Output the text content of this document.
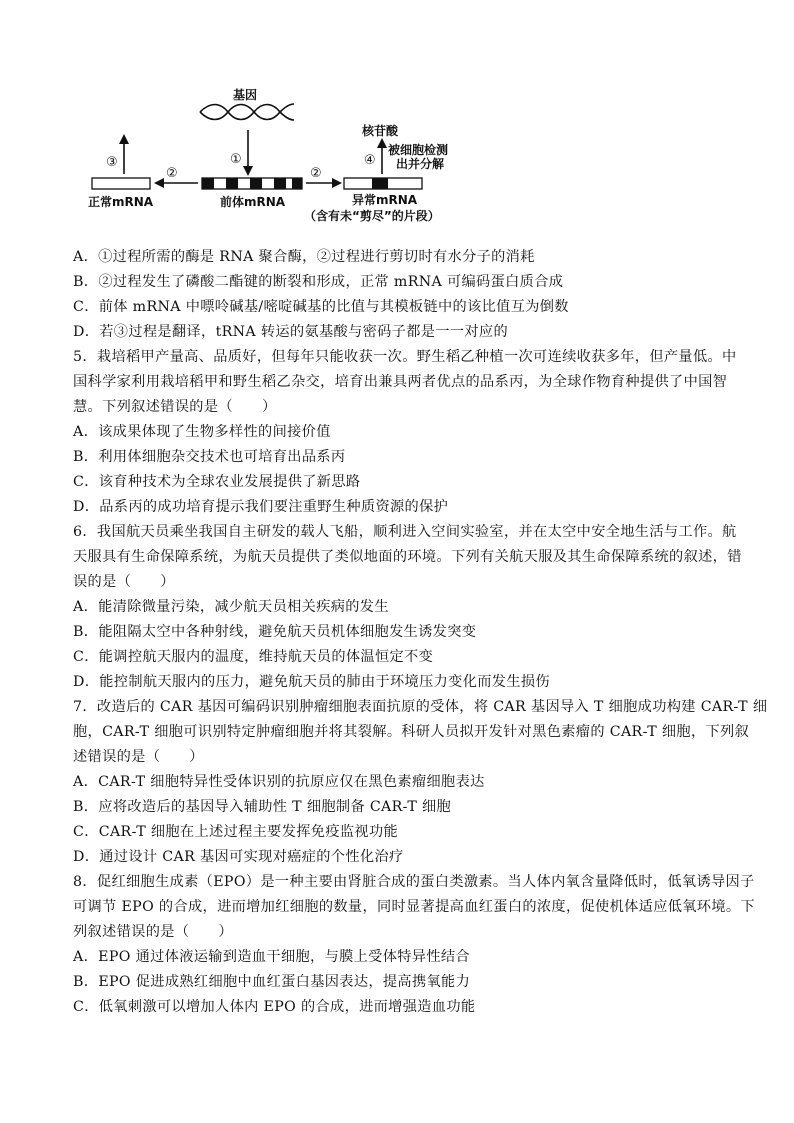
基因
①
前体mRNA
②
正常mRNA
③
②
异常mRNA
（含有未“剪尽”的片段）
④
核苷酸
被细胞检测
出并分解
A．①过程所需的酶是 RNA 聚合酶，②过程进行剪切时有水分子的消耗
B．②过程发生了磷酸二酯键的断裂和形成，正常 mRNA 可编码蛋白质合成
C．前体 mRNA 中嘌呤碱基/嘧啶碱基的比值与其模板链中的该比值互为倒数
D．若③过程是翻译，tRNA 转运的氨基酸与密码子都是一一对应的
5．栽培稻甲产量高、品质好，但每年只能收获一次。野生稻乙种植一次可连续收获多年，但产量低。中
国科学家利用栽培稻甲和野生稻乙杂交，培育出兼具两者优点的品系丙，为全球作物育种提供了中国智
慧。下列叙述错误的是（　　）
A．该成果体现了生物多样性的间接价值
B．利用体细胞杂交技术也可培育出品系丙
C．该育种技术为全球农业发展提供了新思路
D．品系丙的成功培育提示我们要注重野生种质资源的保护
6．我国航天员乘坐我国自主研发的载人飞船，顺利进入空间实验室，并在太空中安全地生活与工作。航
天服具有生命保障系统，为航天员提供了类似地面的环境。下列有关航天服及其生命保障系统的叙述，错
误的是（　　）
A．能清除微量污染，减少航天员相关疾病的发生
B．能阻隔太空中各种射线，避免航天员机体细胞发生诱发突变
C．能调控航天服内的温度，维持航天员的体温恒定不变
D．能控制航天服内的压力，避免航天员的肺由于环境压力变化而发生损伤
7．改造后的 CAR 基因可编码识别肿瘤细胞表面抗原的受体，将 CAR 基因导入 T 细胞成功构建 CAR-T 细
胞，CAR-T 细胞可识别特定肿瘤细胞并将其裂解。科研人员拟开发针对黑色素瘤的 CAR-T 细胞，下列叙
述错误的是（　　）
A．CAR-T 细胞特异性受体识别的抗原应仅在黑色素瘤细胞表达
B．应将改造后的基因导入辅助性 T 细胞制备 CAR-T 细胞
C．CAR-T 细胞在上述过程主要发挥免疫监视功能
D．通过设计 CAR 基因可实现对癌症的个性化治疗
8．促红细胞生成素（EPO）是一种主要由肾脏合成的蛋白类激素。当人体内氧含量降低时，低氧诱导因子
可调节 EPO 的合成，进而增加红细胞的数量，同时显著提高血红蛋白的浓度，促使机体适应低氧环境。下
列叙述错误的是（　　）
A．EPO 通过体液运输到造血干细胞，与膜上受体特异性结合
B．EPO 促进成熟红细胞中血红蛋白基因表达，提高携氧能力
C．低氧刺激可以增加人体内 EPO 的合成，进而增强造血功能
